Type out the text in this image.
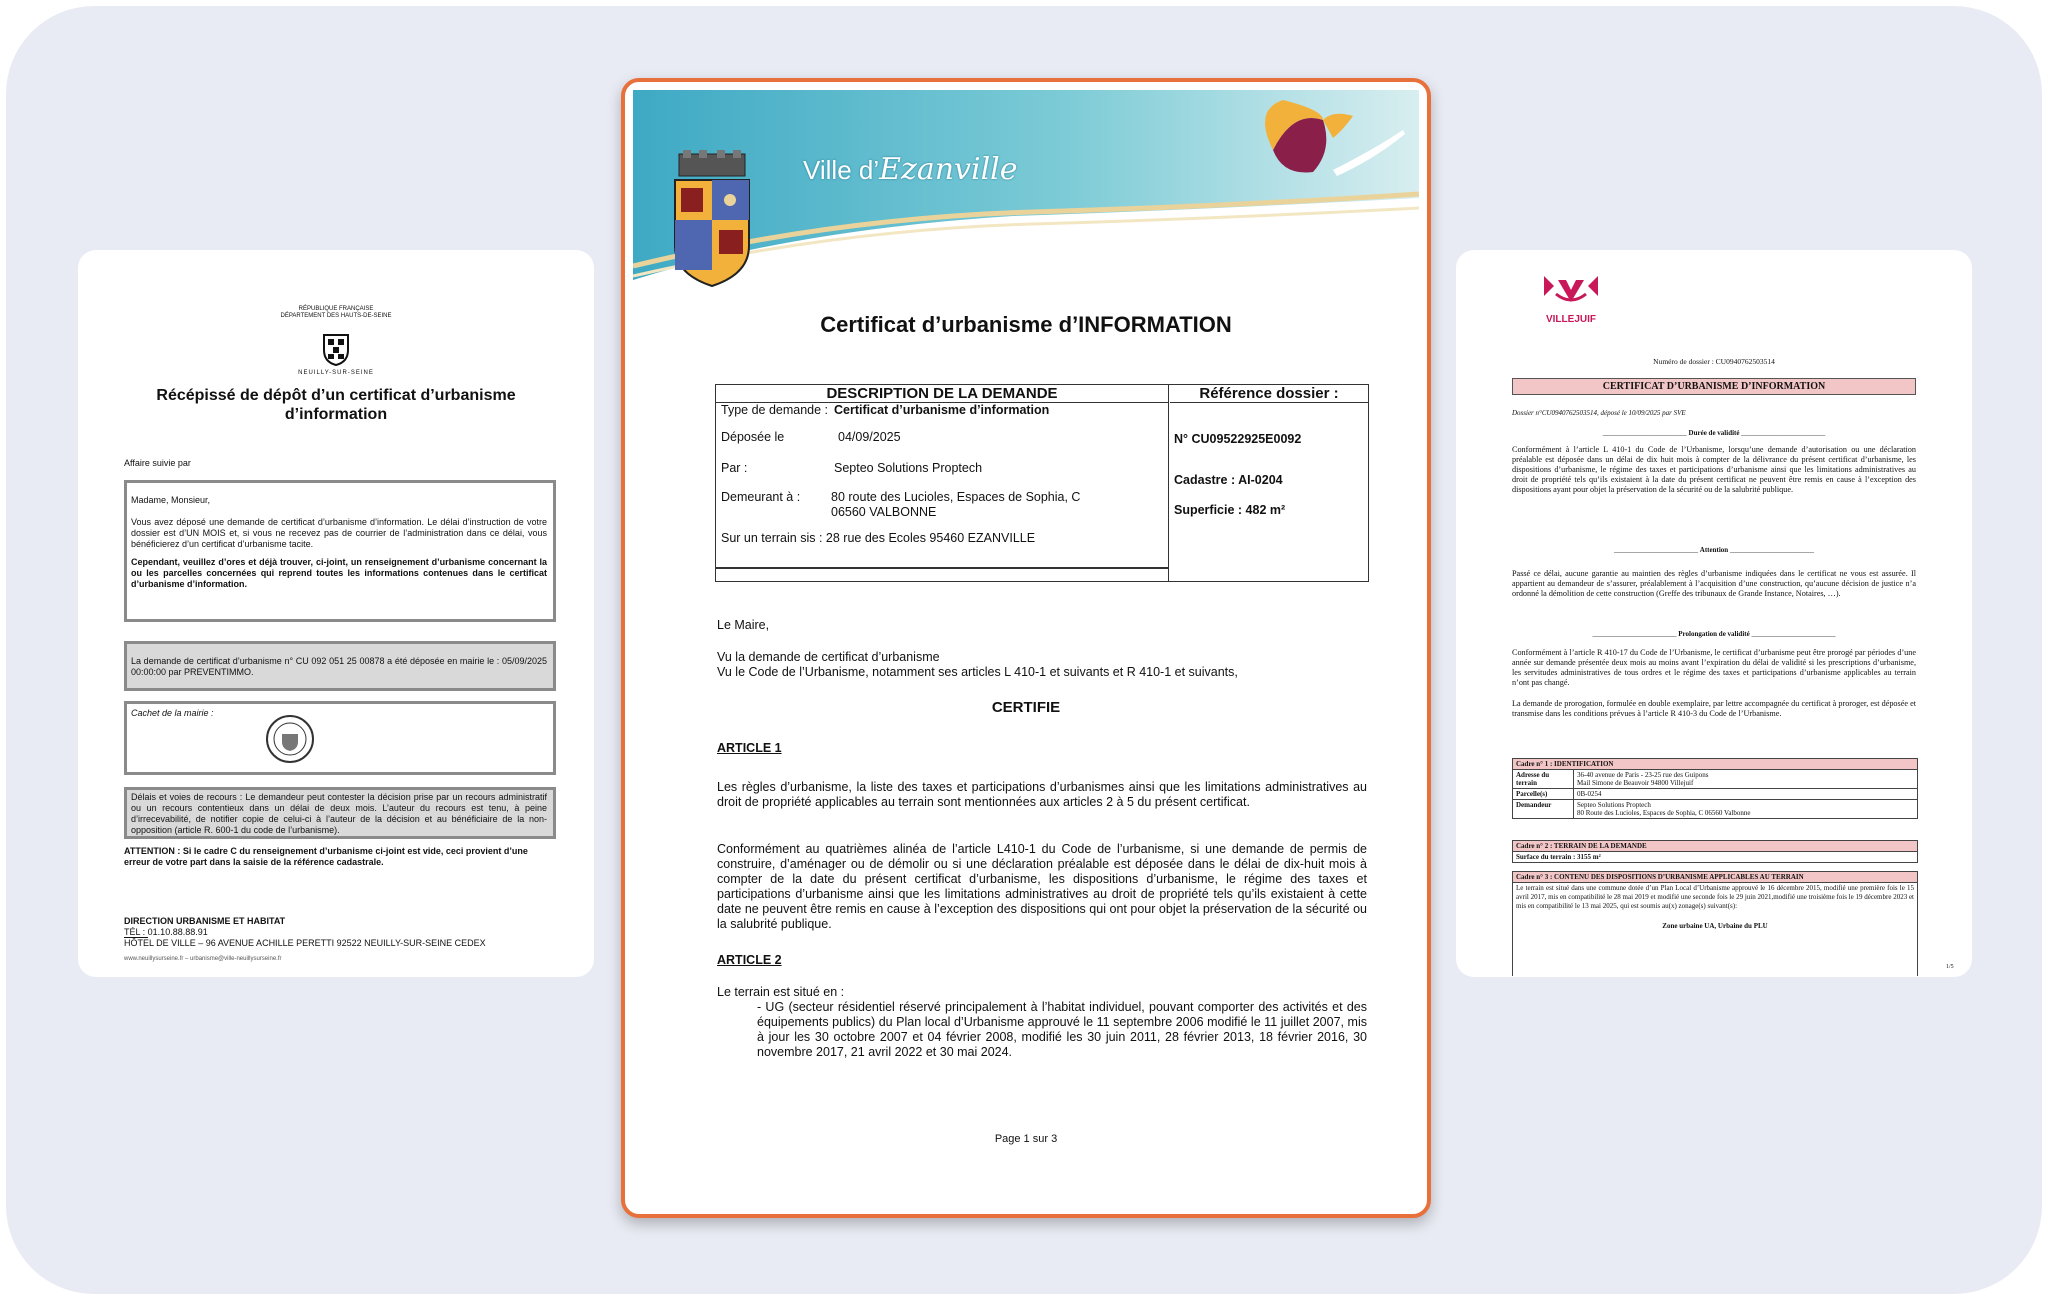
RÉPUBLIQUE FRANÇAISE
DÉPARTEMENT DES HAUTS-DE-SEINE
NEUILLY-SUR-SEINE
Récépissé de dépôt d’un certificat d’urbanisme d’information
Affaire suivie par
Madame, Monsieur,
Vous avez déposé une demande de certificat d’urbanisme d’information. Le délai d’instruction de votre dossier est d’UN MOIS et, si vous ne recevez pas de courrier de l’administration dans ce délai, vous bénéficierez d’un certificat d’urbanisme tacite.
Cependant, veuillez d’ores et déjà trouver, ci-joint, un renseignement d’urbanisme concernant la ou les parcelles concernées qui reprend toutes les informations contenues dans le certificat d’urbanisme d’information.
La demande de certificat d’urbanisme n° CU 092 051 25 00878 a été déposée en mairie le : 05/09/2025 00:00:00 par PREVENTIMMO.
Cachet de la mairie :
Délais et voies de recours : Le demandeur peut contester la décision prise par un recours administratif ou un recours contentieux dans un délai de deux mois. L’auteur du recours est tenu, à peine d’irrecevabilité, de notifier copie de celui-ci à l’auteur de la décision et au bénéficiaire de la non-opposition (article R. 600-1 du code de l’urbanisme).
ATTENTION : Si le cadre C du renseignement d’urbanisme ci-joint est vide, ceci provient d’une erreur de votre part dans la saisie de la référence cadastrale.
DIRECTION URBANISME ET HABITAT
TÉL : 01.10.88.88.91
HÔTEL DE VILLE – 96 AVENUE ACHILLE PERETTI 92522 NEUILLY-SUR-SEINE CEDEX
www.neuillysurseine.fr – urbanisme@ville-neuillysurseine.fr
VILLEJUIF
Numéro de dossier : CU0940762503514
CERTIFICAT D’URBANISME D’INFORMATION
Dossier n°CU0940762503514, déposé le 10/09/2025 par SVE
________________________ Durée de validité ________________________
Conformément à l’article L 410-1 du Code de l’Urbanisme, lorsqu’une demande d’autorisation ou une déclaration préalable est déposée dans un délai de dix huit mois à compter de la délivrance du présent certificat d’urbanisme, les dispositions d’urbanisme, le régime des taxes et participations d’urbanisme ainsi que les limitations administratives au droit de propriété tels qu’ils existaient à la date du présent certificat ne peuvent être remis en cause à l’exception des dispositions ayant pour objet la préservation de la sécurité ou de la salubrité publique.
________________________ Attention ________________________
Passé ce délai, aucune garantie au maintien des règles d’urbanisme indiquées dans le certificat ne vous est assurée. Il appartient au demandeur de s’assurer, préalablement à l’acquisition d’une construction, qu’aucune décision de justice n’a ordonné la démolition de cette construction (Greffe des tribunaux de Grande Instance, Notaires, …).
________________________ Prolongation de validité ________________________
Conformément à l’article R 410-17 du Code de l’Urbanisme, le certificat d’urbanisme peut être prorogé par périodes d’une année sur demande présentée deux mois au moins avant l’expiration du délai de validité si les prescriptions d’urbanisme, les servitudes administratives de tous ordres et le régime des taxes et participations d’urbanisme applicables au terrain n’ont pas changé.
La demande de prorogation, formulée en double exemplaire, par lettre accompagnée du certificat à proroger, est déposée et transmise dans les conditions prévues à l’article R 410-3 du Code de l’Urbanisme.
Cadre n° 1 : IDENTIFICATION
Adresse du terrain
36-40 avenue de Paris - 23-25 rue des Guipons
Mail Simone de Beauvoir 94800 Villejuif
Parcelle(s)	0B-0254
Demandeur	Septeo Solutions Proptech
80 Route des Lucioles, Espaces de Sophia, C 06560 Valbonne
Cadre n° 2 : TERRAIN DE LA DEMANDE
Surface du terrain : 3155 m²
Cadre n° 3 : CONTENU DES DISPOSITIONS D’URBANISME APPLICABLES AU TERRAIN
Le terrain est situé dans une commune dotée d’un Plan Local d’Urbanisme approuvé le 16 décembre 2015, modifié une première fois le 15 avril 2017, mis en compatibilité le 28 mai 2019 et modifié une seconde fois le 29 juin 2021,modifié une troisième fois le 19 décembre 2023 et mis en compatibilité le 13 mai 2025, qui est soumis au(x) zonage(s) suivant(s):
Zone urbaine UA, Urbaine du PLU
1/5
Ville d’Ezanville
Certificat d’urbanisme d’INFORMATION
DESCRIPTION DE LA DEMANDE	Référence dossier :
Type de demande : Certificat d’urbanisme d’information
Déposée le	04/09/2025
Par :	Septeo Solutions Proptech
Demeurant à : 80 route des Lucioles, Espaces de Sophia, C
06560 VALBONNE
Sur un terrain sis : 28 rue des Ecoles 95460 EZANVILLE
N° CU09522925E0092
Cadastre : AI-0204
Superficie : 482 m²
Le Maire,
Vu la demande de certificat d’urbanisme
Vu le Code de l’Urbanisme, notamment ses articles L 410-1 et suivants et R 410-1 et suivants,
CERTIFIE
ARTICLE 1
Les règles d’urbanisme, la liste des taxes et participations d’urbanismes ainsi que les limitations administratives au droit de propriété applicables au terrain sont mentionnées aux articles 2 à 5 du présent certificat.
Conformément au quatrièmes alinéa de l’article L410-1 du Code de l’urbanisme, si une demande de permis de construire, d’aménager ou de démolir ou si une déclaration préalable est déposée dans le délai de dix-huit mois à compter de la date du présent certificat d’urbanisme, les dispositions d’urbanisme, le régime des taxes et participations d’urbanisme ainsi que les limitations administratives au droit de propriété tels qu’ils existaient à cette date ne peuvent être remis en cause à l’exception des dispositions qui ont pour objet la préservation de la sécurité ou la salubrité publique.
ARTICLE 2
Le terrain est situé en :
- UG (secteur résidentiel réservé principalement à l’habitat individuel, pouvant comporter des activités et des équipements publics) du Plan local d’Urbanisme approuvé le 11 septembre 2006 modifié le 11 juillet 2007, mis à jour les 30 octobre 2007 et 04 février 2008, modifié les 30 juin 2011, 28 février 2013, 18 février 2016, 30 novembre 2017, 21 avril 2022 et 30 mai 2024.
Page 1 sur 3
